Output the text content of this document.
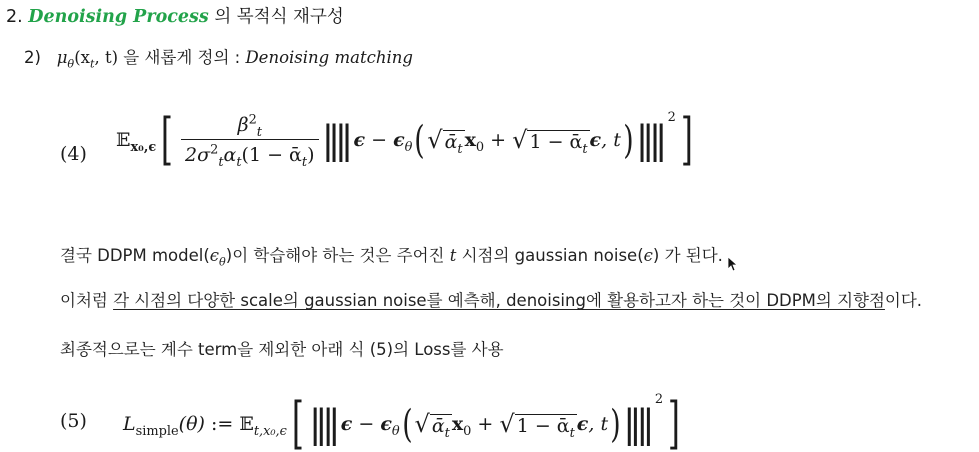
2. Denoising Process 의 목적식 재구성
2) $\mu_\theta(x_t$, t) 을 새롭게 정의 : Denoising matching
(4)
𝔼$_{x_0,\epsilon}$[ $\frac{\beta^2_t}{2\sigma^2_t\alpha_t(1 - ᾱ_t)}$ ‖‖ $\epsilon - \epsilon_\theta(√$ ᾱ$_t$ $x_0$ + √ 1 − ᾱ$_t$ ϵ, t)‖‖$^2$]
결국 DDPM $model(\epsilon_\theta)$이 학습해야 하는 것은 주어진 t 시점의 gaussian noise(ϵ) 가 된다.
이처럼 각 시점의 다양한 scale의 gaussian noise를 예측해, denoising에 활용하고자 하는 것이 DDPM의 지향점이다.
최종적으로는 계수 term을 제외한 아래 식 (5)의 Loss를 사용
(5) $L_{simple}(\theta)$ := 𝔼$_{t,x_0,\epsilon}$[ ‖‖ $\epsilon - \epsilon_\theta(√$ ᾱ$_t$ $x_0$ + √ 1 − ᾱ$_t$ ϵ, t)‖‖$^2$]
